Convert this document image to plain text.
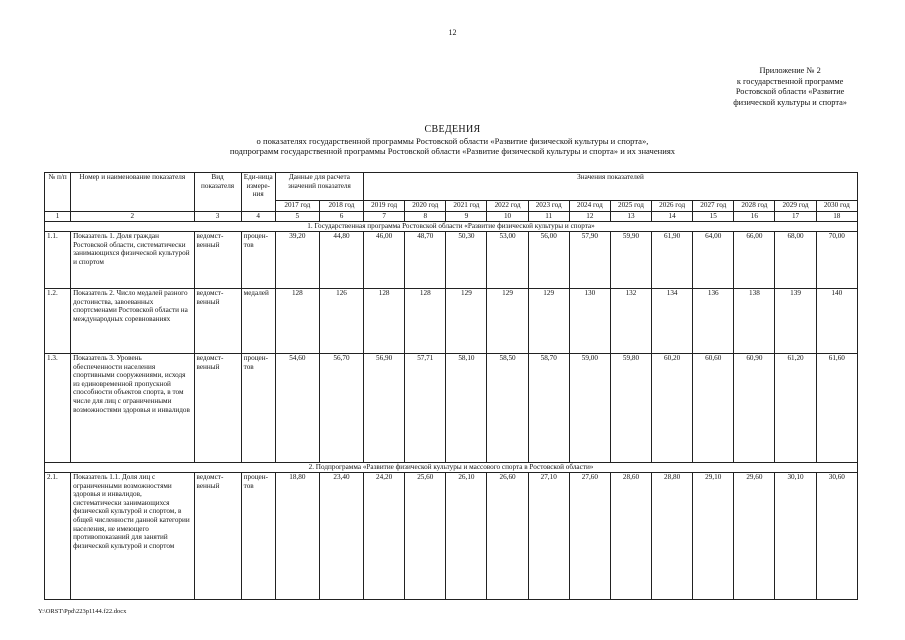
12
Приложение № 2
к государственной программе
Ростовской области «Развитие
физической культуры и спорта»
СВЕДЕНИЯ
о показателях государственной программы Ростовской области «Развитие физической культуры и спорта»,
подпрограмм государственной программы Ростовской области «Развитие физической культуры и спорта» и их значениях
№ п/п	Номер и наименование показателя	Вид показателя	Еди-ница измере-ния	Данные для расчета значений показателя		Значения показателей											
				2017 год	2018 год	2019 год	2020 год	2021 год	2022 год	2023 год	2024 год	2025 год	2026 год	2027 год	2028 год	2029 год	2030 год
1	2	3	4	5	6	7	8	9	10	11	12	13	14	15	16	17	18
1. Государственная программа Ростовской области «Развитие физической культуры и спорта»																	
1.1.	Показатель 1. Доля граждан Ростовской области, систематически занимающихся физической культурой и спортом	ведомст-венный	процен-тов	39,20	44,80	46,00	48,70	50,30	53,00	56,00	57,90	59,90	61,90	64,00	66,00	68,00	70,00
1.2.	Показатель 2. Число медалей разного достоинства, завоеванных спортсменами Ростовской области на международных соревнованиях	ведомст-венный	медалей	128	126	128	128	129	129	129	130	132	134	136	138	139	140
1.3.	Показатель 3. Уровень обеспеченности населения спортивными сооружениями, исходя из единовременной пропускной способности объектов спорта, в том числе для лиц с ограниченными возможностями здоровья и инвалидов	ведомст-венный	процен-тов	54,60	56,70	56,90	57,71	58,10	58,50	58,70	59,00	59,80	60,20	60,60	60,90	61,20	61,60
2. Подпрограмма «Развитие физической культуры и массового спорта в Ростовской области»																	
2.1.	Показатель 1.1. Доля лиц с ограниченными возможностями здоровья и инвалидов, систематически занимающихся физической культурой и спортом, в общей численности данной категории населения, не имеющего противопоказаний для занятий физической культурой и спортом	ведомст-венный	процен-тов	18,80	23,40	24,20	25,60	26,10	26,60	27,10	27,60	28,60	28,80	29,10	29,60	30,10	30,60
Y:\ORST\Ppd\223p1144.f22.docx
